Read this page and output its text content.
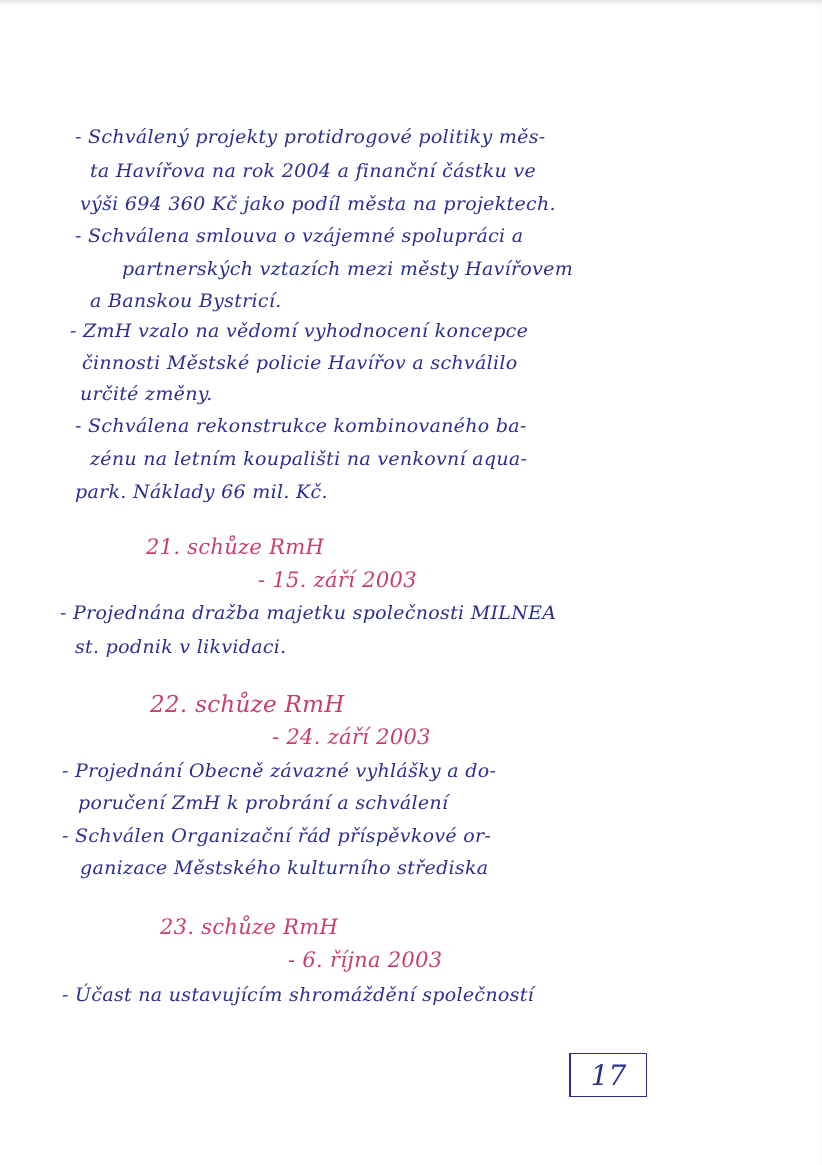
- Schválený projekty protidrogové politiky měs-
ta Havířova na rok 2004 a finanční částku ve
výši 694 360 Kč jako podíl města na projektech.
- Schválena smlouva o vzájemné spolupráci a
partnerských vztazích mezi městy Havířovem
a Banskou Bystricí.
- ZmH vzalo na vědomí vyhodnocení koncepce
činnosti Městské policie Havířov a schválilo
určité změny.
- Schválena rekonstrukce kombinovaného ba-
zénu na letním koupališti na venkovní aqua-
park. Náklady 66 mil. Kč.
21. schůze RmH
- 15. září 2003
- Projednána dražba majetku společnosti MILNEA
st. podnik v likvidaci.
22. schůze RmH
- 24. září 2003
- Projednání Obecně závazné vyhlášky a do-
poručení ZmH k probrání a schválení
- Schválen Organizační řád příspěvkové or-
ganizace Městského kulturního střediska
23. schůze RmH
- 6. října 2003
- Účast na ustavujícím shromáždění společností
17
